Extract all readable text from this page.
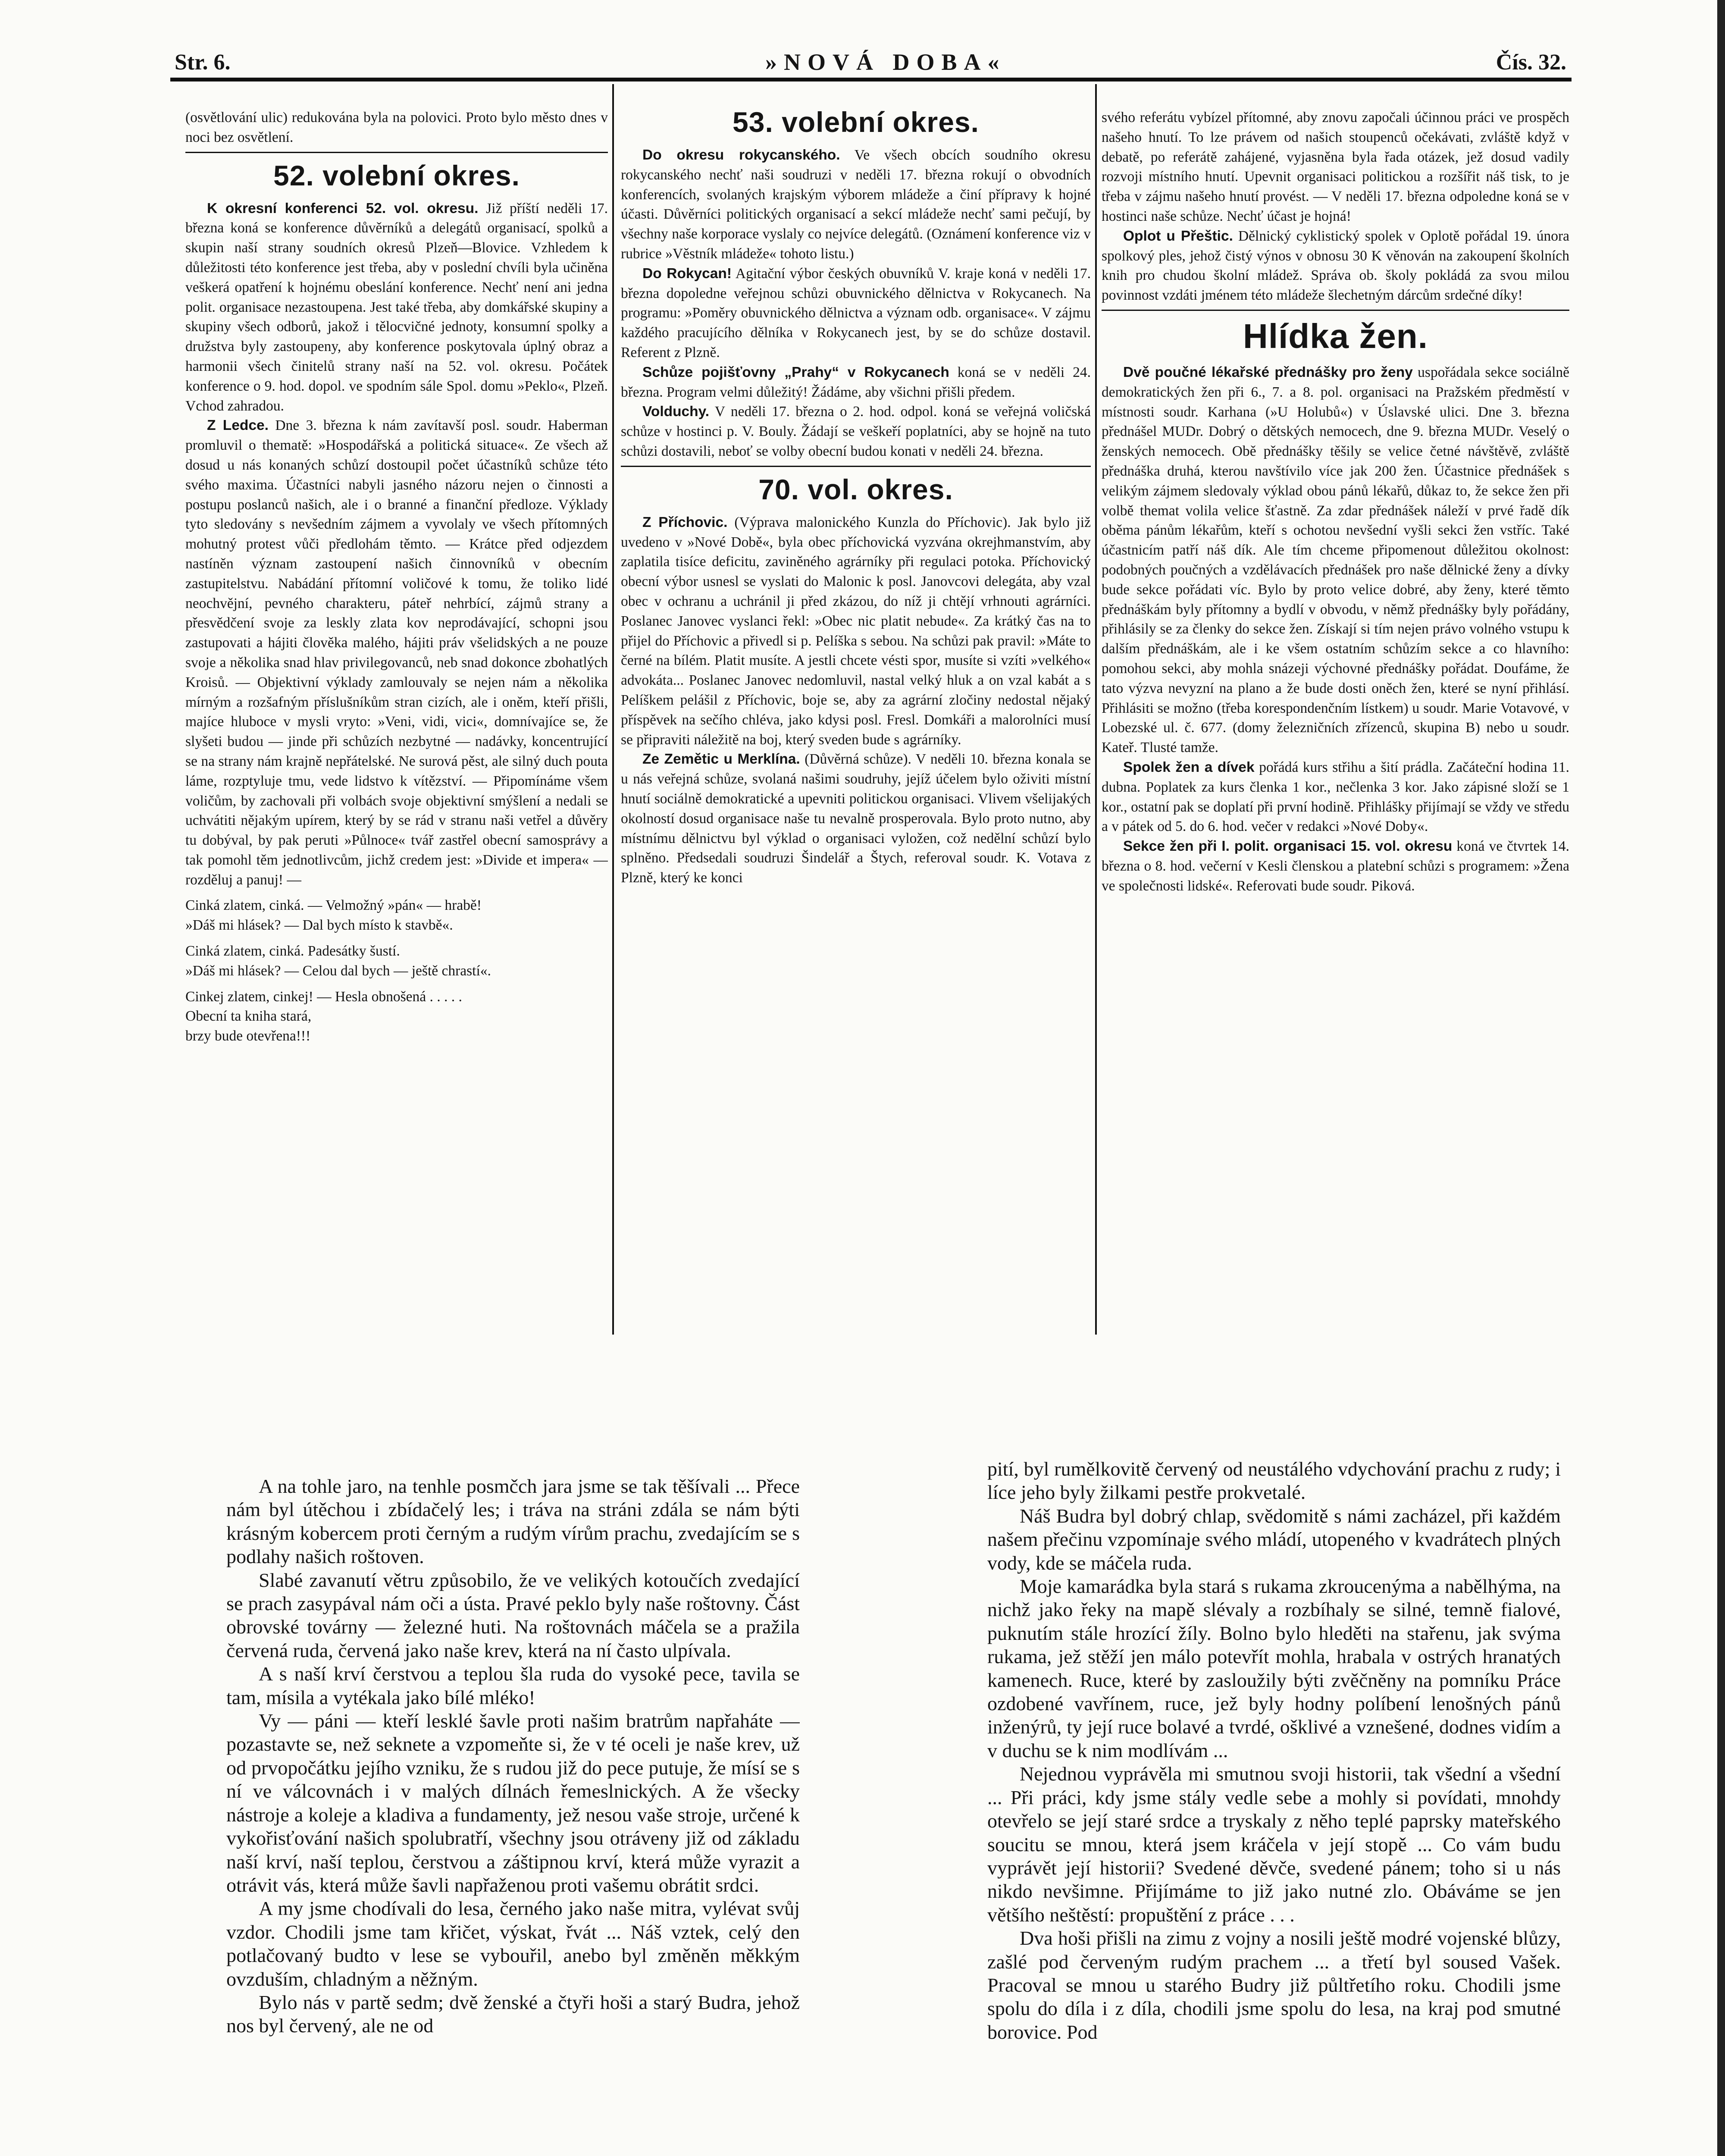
Str. 6.	»NOVÁ DOBA«	Čís. 32.

(osvětlování ulic) redukována byla na polovici. Proto bylo město dnes v noci bez osvětlení.

52. volební okres.

K okresní konferenci 52. vol. okresu. Již příští neděli 17. března koná se konference důvěrníků a delegátů organisací, spolků a skupin naší strany soudních okresů Plzeň—Blovice. Vzhledem k důležitosti této konference jest třeba, aby v poslední chvíli byla učiněna veškerá opatření k hojnému obeslání konference. Nechť není ani jedna polit. organisace nezastoupena. Jest také třeba, aby domkářské skupiny a skupiny všech odborů, jakož i tělocvičné jednoty, konsumní spolky a družstva byly zastoupeny, aby konference poskytovala úplný obraz a harmonii všech činitelů strany naší na 52. vol. okresu. Počátek konference o 9. hod. dopol. ve spodním sále Spol. domu »Peklo«, Plzeň. Vchod zahradou.

Z Ledce. Dne 3. března k nám zavítavší posl. soudr. Haberman promluvil o thematě: »Hospodářská a politická situace«. Ze všech až dosud u nás konaných schůzí dostoupil počet účastníků schůze této svého maxima. Účastníci nabyli jasného názoru nejen o činnosti a postupu poslanců našich, ale i o branné a finanční předloze. Výklady tyto sledovány s nevšedním zájmem a vyvolaly ve všech přítomných mohutný protest vůči předlohám těmto. — Krátce před odjezdem nastíněn význam zastoupení našich činnovníků v obecním zastupitelstvu. Nabádání přítomní voličové k tomu, že toliko lidé neochvějní, pevného charakteru, páteř nehrbící, zájmů strany a přesvědčení svoje za leskly zlata kov neprodávající, schopni jsou zastupovati a hájiti člověka malého, hájiti práv všelidských a ne pouze svoje a několika snad hlav privilegovanců, neb snad dokonce zbohatlých Kroisů. — Objektivní výklady zamlouvaly se nejen nám a několika mírným a rozšafným příslušníkům stran cizích, ale i oněm, kteří přišli, majíce hluboce v mysli vryto: »Veni, vidi, vici«, domnívajíce se, že slyšeti budou — jinde při schůzích nezbytné — nadávky, koncentrující se na strany nám krajně nepřátelské. Ne surová pěst, ale silný duch pouta láme, rozptyluje tmu, vede lidstvo k vítězství. — Připomínáme všem voličům, by zachovali při volbách svoje objektivní smýšlení a nedali se uchvátiti nějakým upírem, který by se rád v stranu naši vetřel a důvěry tu dobýval, by pak peruti »Půlnoce« tvář zastřel obecní samosprávy a tak pomohl těm jednotlivcům, jichž credem jest: »Divide et impera« — rozděluj a panuj! —

Cinká zlatem, cinká. — Velmožný »pán« — hrabě!

»Dáš mi hlásek? — Dal bych místo k stavbě«.

Cinká zlatem, cinká. Padesátky šustí.

»Dáš mi hlásek? — Celou dal bych — ještě chrastí«.

Cinkej zlatem, cinkej! — Hesla obnošená . . . . .

Obecní ta kniha stará,

brzy bude otevřena!!!

53. volební okres.

Do okresu rokycanského. Ve všech obcích soudního okresu rokycanského nechť naši soudruzi v neděli 17. března rokují o obvodních konferencích, svolaných krajským výborem mládeže a činí přípravy k hojné účasti. Důvěrníci politických organisací a sekcí mládeže nechť sami pečují, by všechny naše korporace vyslaly co nejvíce delegátů. (Oznámení konference viz v rubrice »Věstník mládeže« tohoto listu.)

Do Rokycan! Agitační výbor českých obuvníků V. kraje koná v neděli 17. března dopoledne veřejnou schůzi obuvnického dělnictva v Rokycanech. Na programu: »Poměry obuvnického dělnictva a význam odb. organisace«. V zájmu každého pracujícího dělníka v Rokycanech jest, by se do schůze dostavil. Referent z Plzně.

Schůze pojišťovny „Prahy“ v Rokycanech koná se v neděli 24. března. Program velmi důležitý! Žádáme, aby všichni přišli předem.

Volduchy. V neděli 17. března o 2. hod. odpol. koná se veřejná voličská schůze v hostinci p. V. Bouly. Žádají se veškeří poplatníci, aby se hojně na tuto schůzi dostavili, neboť se volby obecní budou konati v neděli 24. března.

70. vol. okres.

Z Příchovic. (Výprava malonického Kunzla do Příchovic). Jak bylo již uvedeno v »Nové Době«, byla obec příchovická vyzvána okrejhmanstvím, aby zaplatila tisíce deficitu, zaviněného agrárníky při regulaci potoka. Příchovický obecní výbor usnesl se vyslati do Malonic k posl. Janovcovi delegáta, aby vzal obec v ochranu a uchránil ji před zkázou, do níž ji chtějí vrhnouti agrárníci. Poslanec Janovec vyslanci řekl: »Obec nic platit nebude«. Za krátký čas na to přijel do Příchovic a přivedl si p. Pelíška s sebou. Na schůzi pak pravil: »Máte to černé na bílém. Platit musíte. A jestli chcete vésti spor, musíte si vzíti »velkého« advokáta... Poslanec Janovec nedomluvil, nastal velký hluk a on vzal kabát a s Pelíškem pelášil z Příchovic, boje se, aby za agrární zločiny nedostal nějaký příspěvek na sečího chléva, jako kdysi posl. Fresl. Domkáři a malorolníci musí se připraviti náležitě na boj, který sveden bude s agrárníky.

Ze Zemětic u Merklína. (Důvěrná schůze). V neděli 10. března konala se u nás veřejná schůze, svolaná našimi soudruhy, jejíž účelem bylo oživiti místní hnutí sociálně demokratické a upevniti politickou organisaci. Vlivem všelijakých okolností dosud organisace naše tu nevalně prosperovala. Bylo proto nutno, aby místnímu dělnictvu byl výklad o organisaci vyložen, což nedělní schůzí bylo splněno. Předsedali soudruzi Šindelář a Štych, referoval soudr. K. Votava z Plzně, který ke konci

svého referátu vybízel přítomné, aby znovu započali účinnou práci ve prospěch našeho hnutí. To lze právem od našich stoupenců očekávati, zvláště když v debatě, po referátě zahájené, vyjasněna byla řada otázek, jež dosud vadily rozvoji místního hnutí. Upevnit organisaci politickou a rozšířit náš tisk, to je třeba v zájmu našeho hnutí provést. — V neděli 17. března odpoledne koná se v hostinci naše schůze. Nechť účast je hojná!

Oplot u Přeštic. Dělnický cyklistický spolek v Oplotě pořádal 19. února spolkový ples, jehož čistý výnos v obnosu 30 K věnován na zakoupení školních knih pro chudou školní mládež. Správa ob. školy pokládá za svou milou povinnost vzdáti jménem této mládeže šlechetným dárcům srdečné díky!

Hlídka žen.

Dvě poučné lékařské přednášky pro ženy uspořádala sekce sociálně demokratických žen při 6., 7. a 8. pol. organisaci na Pražském předměstí v místnosti soudr. Karhana (»U Holubů«) v Úslavské ulici. Dne 3. března přednášel MUDr. Dobrý o dětských nemocech, dne 9. března MUDr. Veselý o ženských nemocech. Obě přednášky těšily se velice četné návštěvě, zvláště přednáška druhá, kterou navštívilo více jak 200 žen. Účastnice přednášek s velikým zájmem sledovaly výklad obou pánů lékařů, důkaz to, že sekce žen při volbě themat volila velice šťastně. Za zdar přednášek náleží v prvé řadě dík oběma pánům lékařům, kteří s ochotou nevšední vyšli sekci žen vstříc. Také účastnicím patří náš dík. Ale tím chceme připomenout důležitou okolnost: podobných poučných a vzdělávacích přednášek pro naše dělnické ženy a dívky bude sekce pořádati víc. Bylo by proto velice dobré, aby ženy, které těmto přednáškám byly přítomny a bydlí v obvodu, v němž přednášky byly pořádány, přihlásily se za členky do sekce žen. Získají si tím nejen právo volného vstupu k dalším přednáškám, ale i ke všem ostatním schůzím sekce a co hlavního: pomohou sekci, aby mohla snázeji výchovné přednášky pořádat. Doufáme, že tato výzva nevyzní na plano a že bude dosti oněch žen, které se nyní přihlásí. Přihlásiti se možno (třeba korespondenčním lístkem) u soudr. Marie Votavové, v Lobezské ul. č. 677. (domy železničních zřízenců, skupina B) nebo u soudr. Kateř. Tlusté tamže.

Spolek žen a dívek pořádá kurs střihu a šití prádla. Začáteční hodina 11. dubna. Poplatek za kurs členka 1 kor., nečlenka 3 kor. Jako zápisné složí se 1 kor., ostatní pak se doplatí při první hodině. Přihlášky přijímají se vždy ve středu a v pátek od 5. do 6. hod. večer v redakci »Nové Doby«.

Sekce žen při I. polit. organisaci 15. vol. okresu koná ve čtvrtek 14. března o 8. hod. večerní v Kesli členskou a platební schůzi s programem: »Žena ve společnosti lidské«. Referovati bude soudr. Piková.

A na tohle jaro, na tenhle posmčch jara jsme se tak těšívali ... Přece nám byl útěchou i zbídačelý les; i tráva na stráni zdála se nám býti krásným kobercem proti černým a rudým vírům prachu, zvedajícím se s podlahy našich roštoven.

Slabé zavanutí větru způsobilo, že ve velikých kotoučích zvedající se prach zasypával nám oči a ústa. Pravé peklo byly naše roštovny. Část obrovské továrny — železné huti. Na roštovnách máčela se a pražila červená ruda, červená jako naše krev, která na ní často ulpívala.

A s naší krví čerstvou a teplou šla ruda do vysoké pece, tavila se tam, mísila a vytékala jako bílé mléko!

Vy — páni — kteří lesklé šavle proti našim bratrům napřaháte — pozastavte se, než seknete a vzpomeňte si, že v té oceli je naše krev, už od prvopočátku jejího vzniku, že s rudou již do pece putuje, že mísí se s ní ve válcovnách i v malých dílnách řemeslnických. A že všecky nástroje a koleje a kladiva a fundamenty, jež nesou vaše stroje, určené k vykořisťování našich spolubratří, všechny jsou otráveny již od základu naší krví, naší teplou, čerstvou a záštipnou krví, která může vyrazit a otrávit vás, která může šavli napřaženou proti vašemu obrátit srdci.

A my jsme chodívali do lesa, černého jako naše mitra, vylévat svůj vzdor. Chodili jsme tam křičet, výskat, řvát ... Náš vztek, celý den potlačovaný budto v lese se vybouřil, anebo byl změněn měkkým ovzduším, chladným a něžným.

Bylo nás v partě sedm; dvě ženské a čtyři hoši a starý Budra, jehož nos byl červený, ale ne od

pití, byl rumělkovitě červený od neustálého vdychování prachu z rudy; i líce jeho byly žilkami pestře prokvetalé.

Náš Budra byl dobrý chlap, svědomitě s námi zacházel, při každém našem přečinu vzpomínaje svého mládí, utopeného v kvadrátech plných vody, kde se máčela ruda.

Moje kamarádka byla stará s rukama zkroucenýma a nabělhýma, na nichž jako řeky na mapě slévaly a rozbíhaly se silné, temně fialové, puknutím stále hrozící žíly. Bolno bylo hleděti na stařenu, jak svýma rukama, jež stěží jen málo potevřít mohla, hrabala v ostrých hranatých kamenech. Ruce, které by zasloužily býti zvěčněny na pomníku Práce ozdobené vavřínem, ruce, jež byly hodny políbení lenošných pánů inženýrů, ty její ruce bolavé a tvrdé, ošklivé a vznešené, dodnes vidím a v duchu se k nim modlívám ...

Nejednou vyprávěla mi smutnou svoji historii, tak všední a všední ... Při práci, kdy jsme stály vedle sebe a mohly si povídati, mnohdy otevřelo se její staré srdce a tryskaly z něho teplé paprsky mateřského soucitu se mnou, která jsem kráčela v její stopě ... Co vám budu vyprávět její historii? Svedené děvče, svedené pánem; toho si u nás nikdo nevšimne. Přijímáme to již jako nutné zlo. Obáváme se jen většího neštěstí: propuštění z práce . . .

Dva hoši přišli na zimu z vojny a nosili ještě modré vojenské blůzy, zašlé pod červeným rudým prachem ... a třetí byl soused Vašek. Pracoval se mnou u starého Budry již půltřetího roku. Chodili jsme spolu do díla i z díla, chodili jsme spolu do lesa, na kraj pod smutné borovice. Pod
